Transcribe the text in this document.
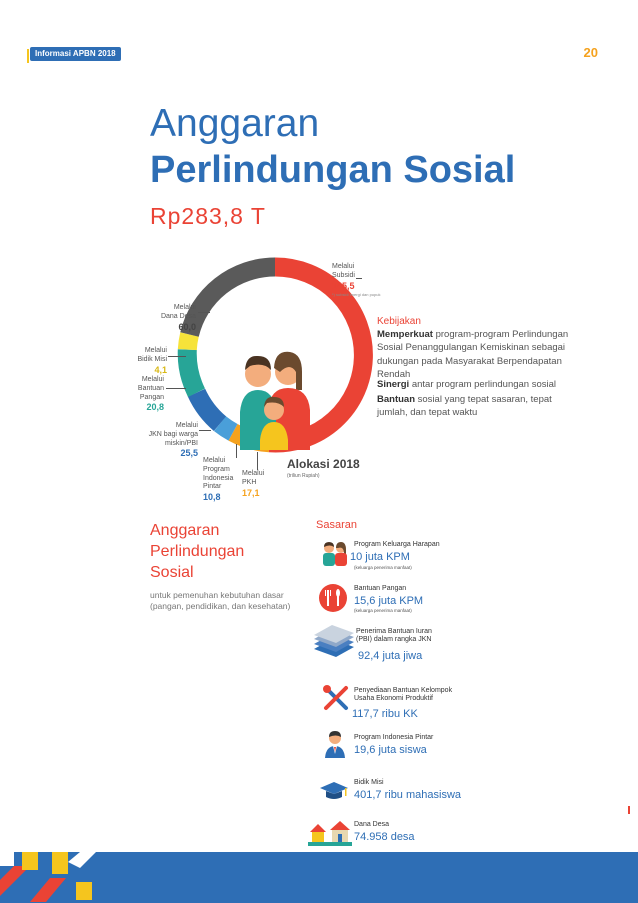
Informasi APBN 2018	20
Anggaran
Perlindungan Sosial
Rp283,8 T
Melalui
Subsidi
145,5
*) subsidi energi dan pupuk
Melalui
Dana Desa
60,0
Melalui
Bidik Misi
4,1
Melalui
Bantuan
Pangan
20,8
Melalui
JKN bagi warga
miskin/PBI
25,5
Melalui
Program
Indonesia
Pintar
10,8
Melalui
PKH
17,1
Alokasi 2018
(triliun Rupiah)
Kebijakan
Memperkuat program-program Perlindungan Sosial Penanggulangan Kemiskinan sebagai dukungan pada Masyarakat Berpendapatan Rendah
Sinergi antar program perlindungan sosial
Bantuan sosial yang tepat sasaran, tepat jumlah, dan tepat waktu
Anggaran
Perlindungan
Sosial
untuk pemenuhan kebutuhan dasar (pangan, pendidikan, dan kesehatan)
Sasaran
Program Keluarga Harapan
10 juta KPM
(keluarga penerima manfaat)
Bantuan Pangan
15,6 juta KPM
(keluarga penerima manfaat)
Penerima Bantuan Iuran
(PBI) dalam rangka JKN
92,4 juta jiwa
Penyediaan Bantuan Kelompok
Usaha Ekonomi Produktif
117,7 ribu KK
Program Indonesia Pintar
19,6 juta siswa
Bidik Misi
401,7 ribu mahasiswa
Dana Desa
74.958 desa
